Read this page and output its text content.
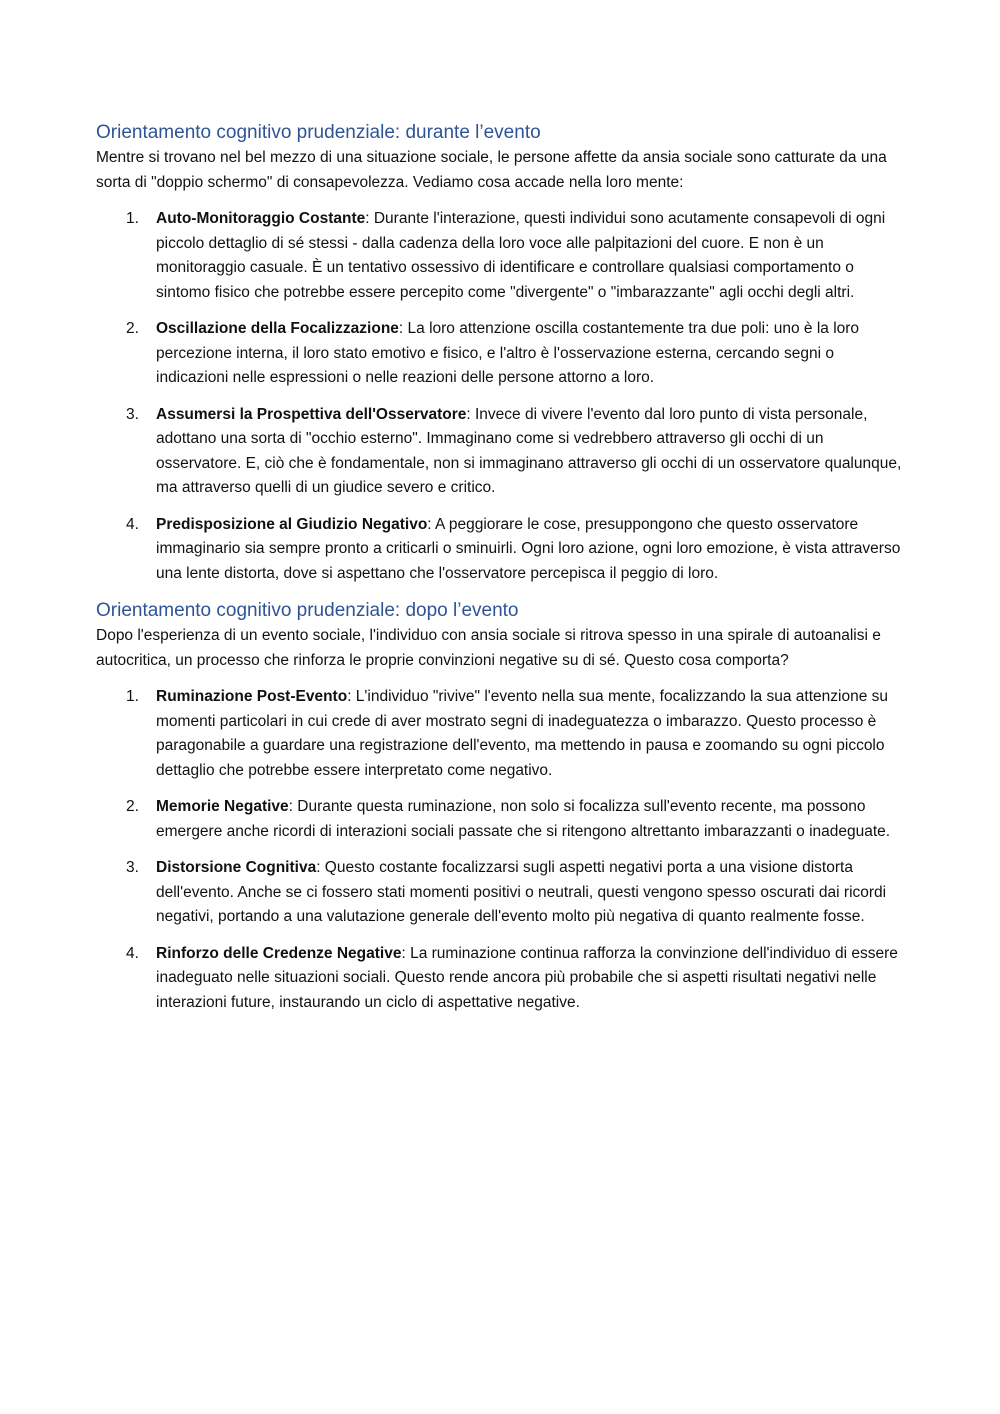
Orientamento cognitivo prudenziale: durante l’evento

Mentre si trovano nel bel mezzo di una situazione sociale, le persone affette da ansia sociale sono catturate da una sorta di "doppio schermo" di consapevolezza. Vediamo cosa accade nella loro mente:

1. Auto-Monitoraggio Costante: Durante l'interazione, questi individui sono acutamente consapevoli di ogni piccolo dettaglio di sé stessi - dalla cadenza della loro voce alle palpitazioni del cuore. E non è un monitoraggio casuale. È un tentativo ossessivo di identificare e controllare qualsiasi comportamento o sintomo fisico che potrebbe essere percepito come "divergente" o "imbarazzante" agli occhi degli altri.
2. Oscillazione della Focalizzazione: La loro attenzione oscilla costantemente tra due poli: uno è la loro percezione interna, il loro stato emotivo e fisico, e l'altro è l'osservazione esterna, cercando segni o indicazioni nelle espressioni o nelle reazioni delle persone attorno a loro.
3. Assumersi la Prospettiva dell'Osservatore: Invece di vivere l'evento dal loro punto di vista personale, adottano una sorta di "occhio esterno". Immaginano come si vedrebbero attraverso gli occhi di un osservatore. E, ciò che è fondamentale, non si immaginano attraverso gli occhi di un osservatore qualunque, ma attraverso quelli di un giudice severo e critico.
4. Predisposizione al Giudizio Negativo: A peggiorare le cose, presuppongono che questo osservatore immaginario sia sempre pronto a criticarli o sminuirli. Ogni loro azione, ogni loro emozione, è vista attraverso una lente distorta, dove si aspettano che l'osservatore percepisca il peggio di loro.
Orientamento cognitivo prudenziale: dopo l’evento

Dopo l'esperienza di un evento sociale, l'individuo con ansia sociale si ritrova spesso in una spirale di autoanalisi e autocritica, un processo che rinforza le proprie convinzioni negative su di sé. Questo cosa comporta?

1. Ruminazione Post-Evento: L'individuo "rivive" l'evento nella sua mente, focalizzando la sua attenzione su momenti particolari in cui crede di aver mostrato segni di inadeguatezza o imbarazzo. Questo processo è paragonabile a guardare una registrazione dell'evento, ma mettendo in pausa e zoomando su ogni piccolo dettaglio che potrebbe essere interpretato come negativo.
2. Memorie Negative: Durante questa ruminazione, non solo si focalizza sull'evento recente, ma possono emergere anche ricordi di interazioni sociali passate che si ritengono altrettanto imbarazzanti o inadeguate.
3. Distorsione Cognitiva: Questo costante focalizzarsi sugli aspetti negativi porta a una visione distorta dell'evento. Anche se ci fossero stati momenti positivi o neutrali, questi vengono spesso oscurati dai ricordi negativi, portando a una valutazione generale dell'evento molto più negativa di quanto realmente fosse.
4. Rinforzo delle Credenze Negative: La ruminazione continua rafforza la convinzione dell'individuo di essere inadeguato nelle situazioni sociali. Questo rende ancora più probabile che si aspetti risultati negativi nelle interazioni future, instaurando un ciclo di aspettative negative.
